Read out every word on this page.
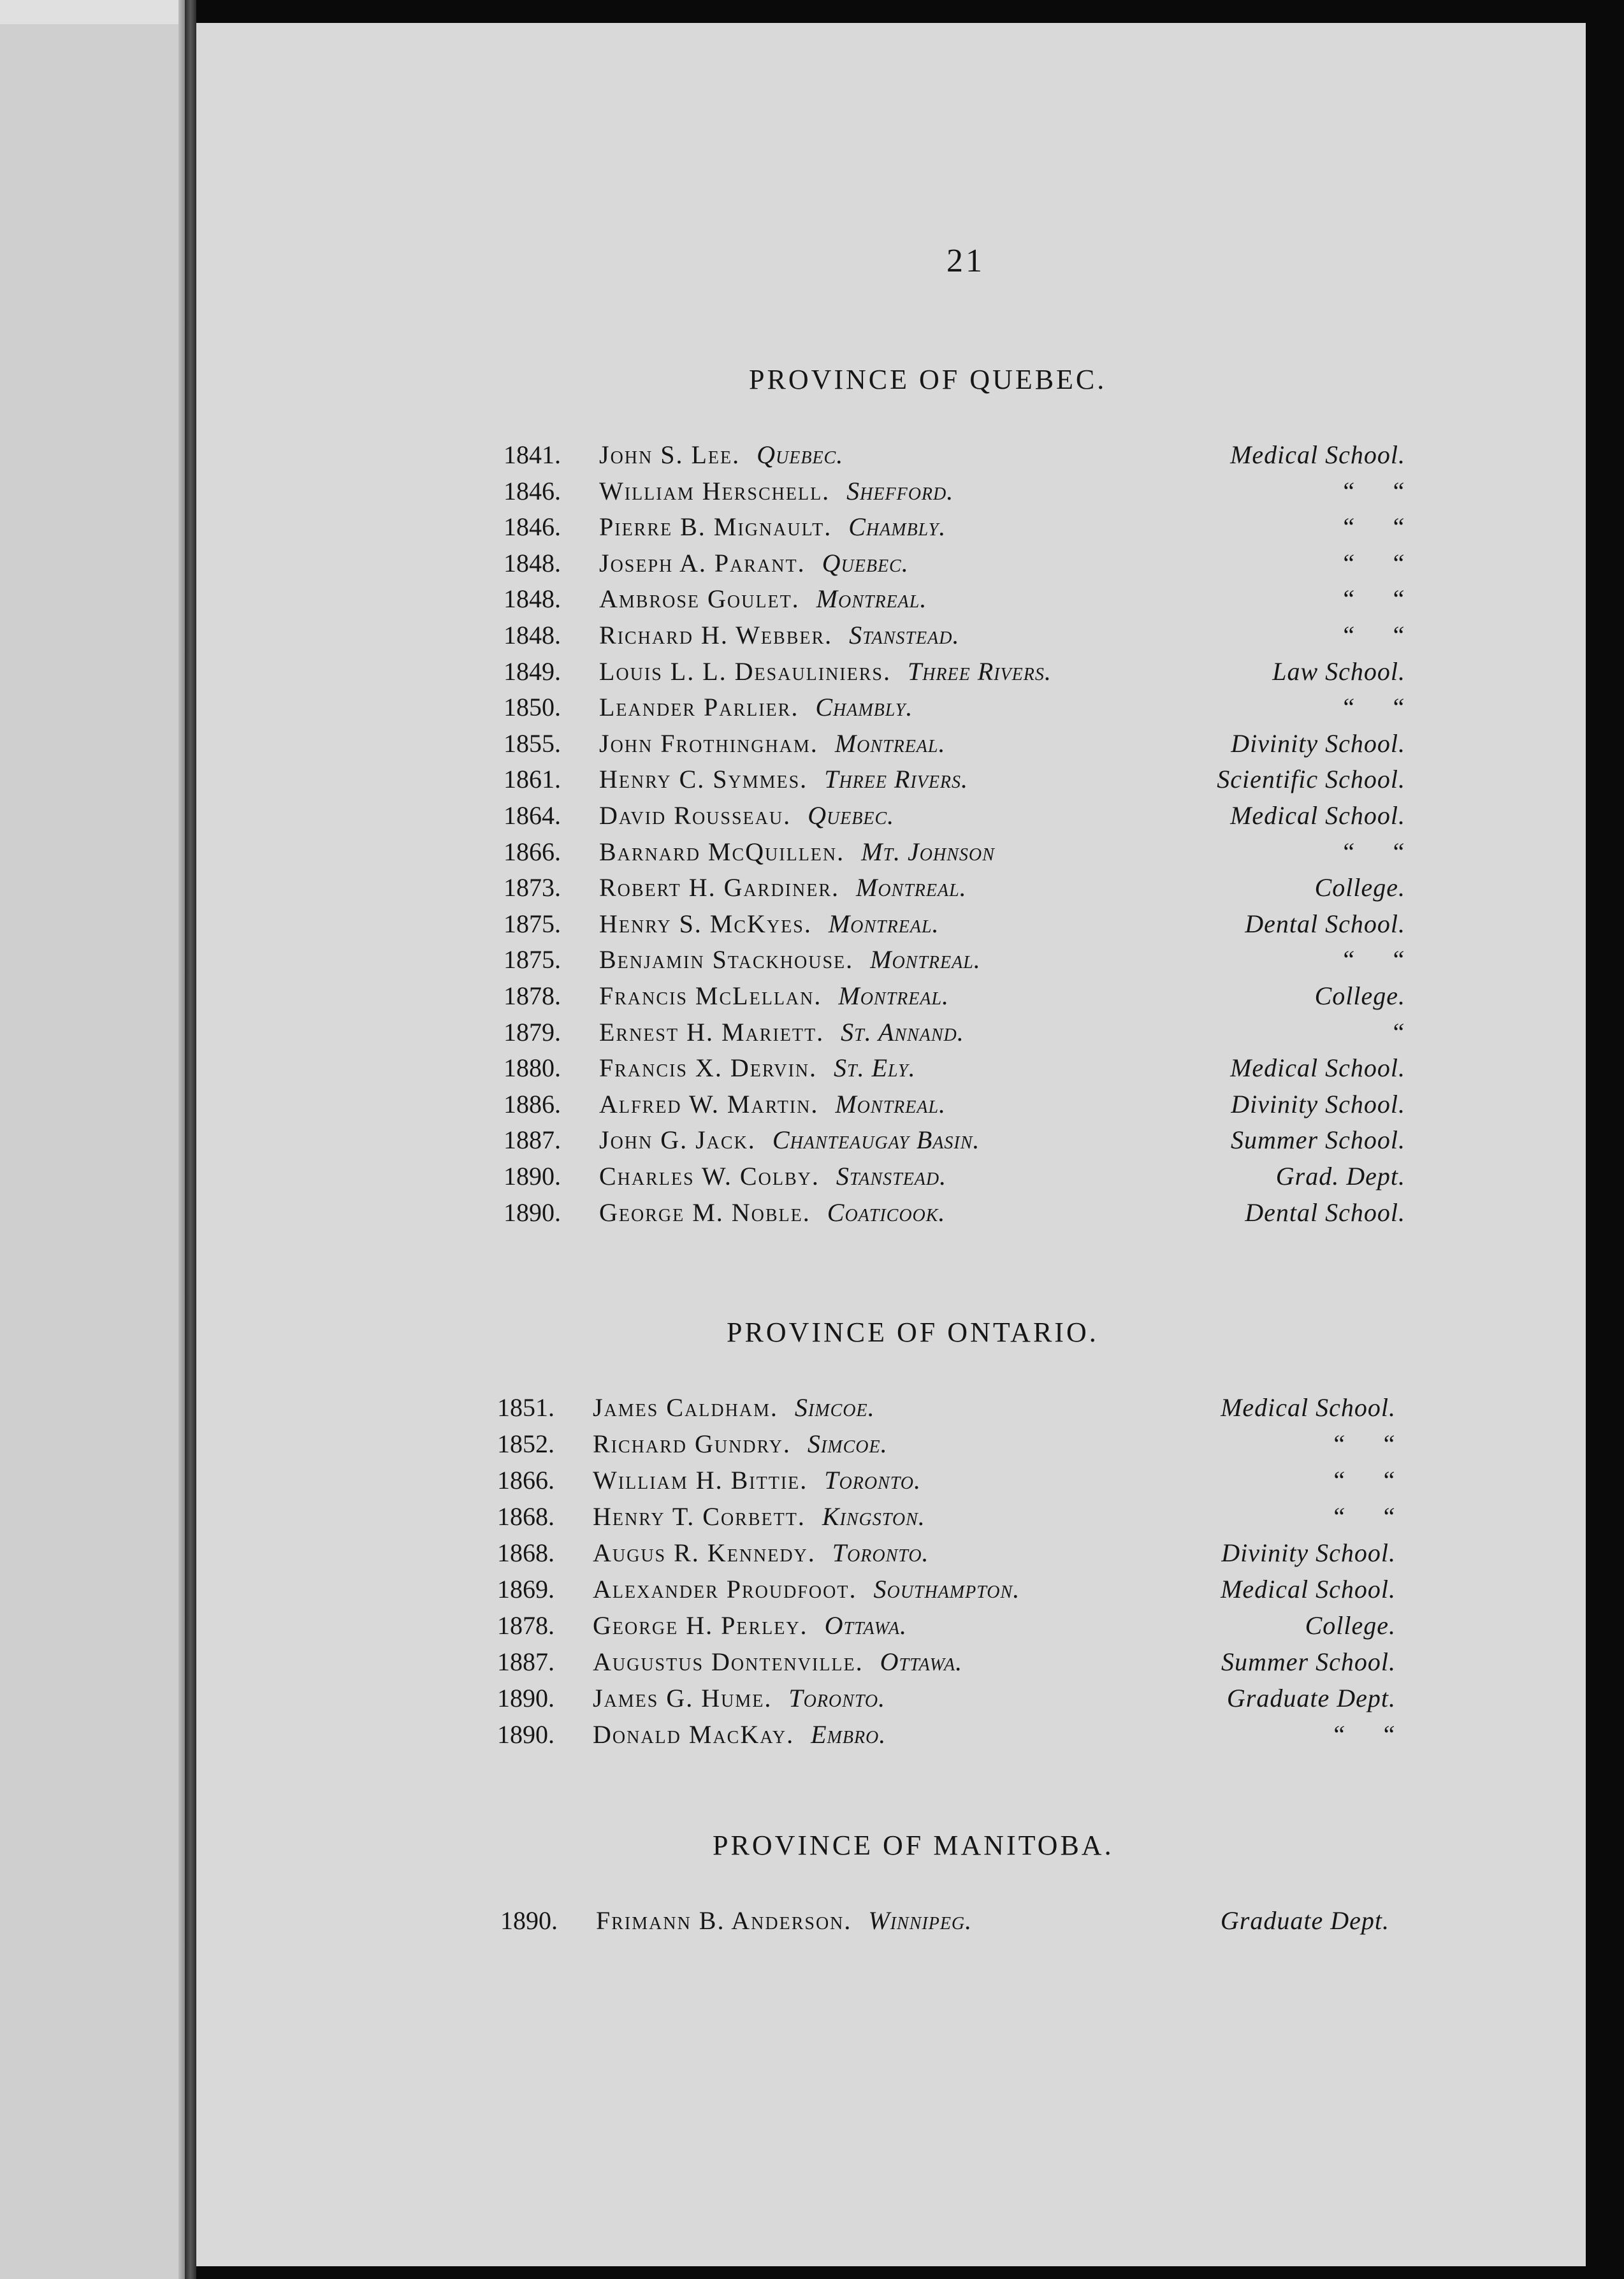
21
PROVINCE OF QUEBEC.
1841. John S. Lee. Quebec.	Medical School.
1846. William Herschell. Shefford.	“     “
1846. Pierre B. Mignault. Chambly.	“     “
1848. Joseph A. Parant. Quebec.	“     “
1848. Ambrose Goulet. Montreal.	“     “
1848. Richard H. Webber. Stanstead.	“     “
1849. Louis L. L. Desauliniers. Three Rivers.	Law School.
1850. Leander Parlier. Chambly.	“     “
1855. John Frothingham. Montreal.	Divinity School.
1861. Henry C. Symmes. Three Rivers.	Scientific School.
1864. David Rousseau. Quebec.	Medical School.
1866. Barnard McQuillen. Mt. Johnson	“     “
1873. Robert H. Gardiner. Montreal.	College.
1875. Henry S. McKyes. Montreal.	Dental School.
1875. Benjamin Stackhouse. Montreal.	“     “
1878. Francis McLellan. Montreal.	College.
1879. Ernest H. Mariett. St. Annand.	“
1880. Francis X. Dervin. St. Ely.	Medical School.
1886. Alfred W. Martin. Montreal.	Divinity School.
1887. John G. Jack. Chanteaugay Basin.	Summer School.
1890. Charles W. Colby. Stanstead.	Grad. Dept.
1890. George M. Noble. Coaticook.	Dental School.
PROVINCE OF ONTARIO.
1851. James Caldham. Simcoe.	Medical School.
1852. Richard Gundry. Simcoe.	“     “
1866. William H. Bittie. Toronto.	“     “
1868. Henry T. Corbett. Kingston.	“     “
1868. Augus R. Kennedy. Toronto.	Divinity School.
1869. Alexander Proudfoot. Southampton.	Medical School.
1878. George H. Perley. Ottawa.	College.
1887. Augustus Dontenville. Ottawa.	Summer School.
1890. James G. Hume. Toronto.	Graduate Dept.
1890. Donald MacKay. Embro.	“     “
PROVINCE OF MANITOBA.
1890. Frimann B. Anderson. Winnipeg.	Graduate Dept.
